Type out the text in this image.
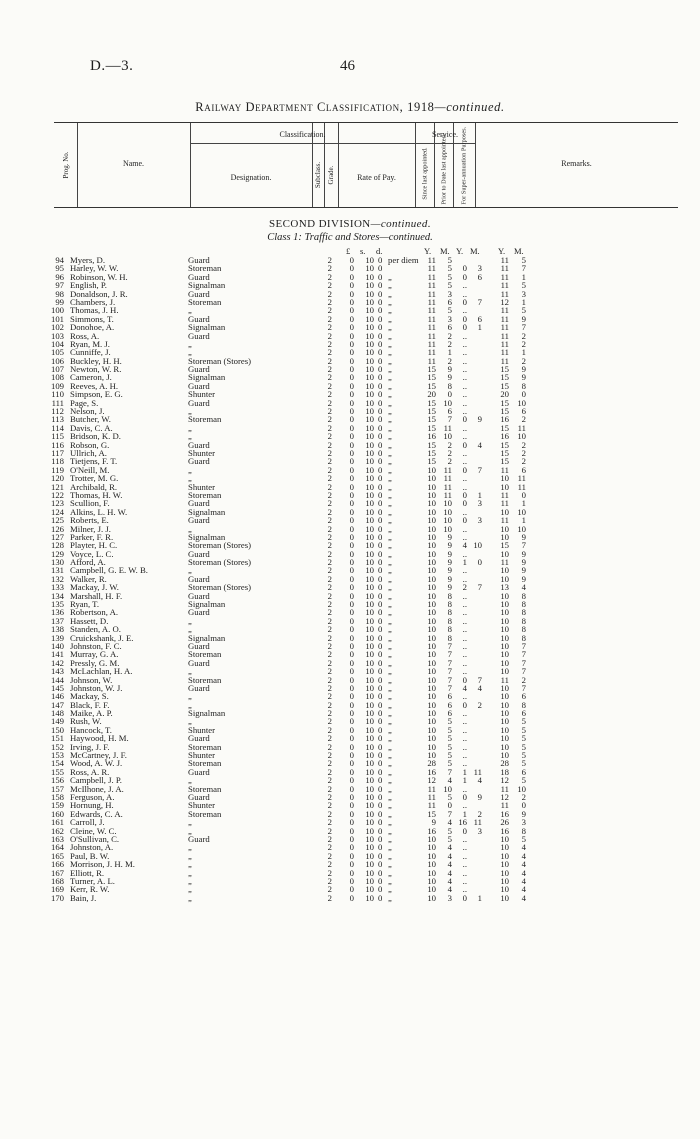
D.—3.	46
Railway Department Classification, 1918—continued.
Prog. No.	Name.
Classification.
Designation.	Subclass. Grade.	Rate of Pay.
Service.
Since last appointed. Prior to Date last appointed. For Super-annuation Purposes.	Remarks.
SECOND DIVISION—continued.
Class 1: Traffic and Stores—continued.
£ s. d.	Y. M. Y. M. Y. M.
94 Myers, D.	Guard	2	0	10 0 per diem	11	5	11	5
95 Harley, W. W.	Storeman	2	0	10 0	11	5	0	3	11	7
96 Robinson, W. H.	Guard	2	0	10 0 „	11	5	0	6	11	1
97 English, P.	Signalman	2	0	10 0 „	11	5	..	11	5
98 Donaldson, J. R.	Guard	2	0	10 0 „	11	3	..	11	3
99 Chambers, J.	Storeman	2	0	10 0 „	11	6	0	7	12	1
100 Thomas, J. H.	„	2	0	10 0 „	11	5	..	11	5
101 Simmons, T.	Guard	2	0	10 0 „	11	3	0	6	11	9
102 Donohoe, A.	Signalman	2	0	10 0 „	11	6	0	1	11	7
103 Ross, A.	Guard	2	0	10 0 „	11	2	..	11	2
104 Ryan, M. J.	„	2	0	10 0 „	11	2	..	11	2
105 Cunniffe, J.	„	2	0	10 0 „	11	1	..	11	1
106 Buckley, H. H.	Storeman (Stores)	2	0	10 0 „	11	2	..	11	2
107 Newton, W. R.	Guard	2	0	10 0 „	15	9	..	15	9
108 Cameron, J.	Signalman	2	0	10 0 „	15	9	..	15	9
109 Reeves, A. H.	Guard	2	0	10 0 „	15	8	..	15	8
110 Simpson, E. G.	Shunter	2	0	10 0 „	20	0	..	20	0
111 Page, S.	Guard	2	0	10 0 „	15 10	..	15 10
112 Nelson, J.	„	2	0	10 0 „	15	6	..	15	6
113 Butcher, W.	Storeman	2	0	10 0 „	15	7	0	9	16	2
114 Davis, C. A.	„	2	0	10 0 „	15 11	..	15 11
115 Bridson, K. D.	„	2	0	10 0 „	16 10	..	16 10
116 Robson, G.	Guard	2	0	10 0 „	15	2	0	4	15	2
117 Ullrich, A.	Shunter	2	0	10 0 „	15	2	..	15	2
118 Tietjens, F. T.	Guard	2	0	10 0 „	15	2	..	15	2
119 O'Neill, M.	„	2	0	10 0 „	10 11	0	7	11	6
120 Trotter, M. G.	„	2	0	10 0 „	10 11	..	10 11
121 Archibald, R.	Shunter	2	0	10 0 „	10 11	..	10 11
122 Thomas, H. W.	Storeman	2	0	10 0 „	10 11	0	1	11	0
123 Scullion, F.	Guard	2	0	10 0 „	10 10	0	3	11	1
124 Alkins, L. H. W.	Signalman	2	0	10 0 „	10 10	..	10 10
125 Roberts, E.	Guard	2	0	10 0 „	10 10	0	3	11	1
126 Milner, J. J.	„	2	0	10 0 „	10 10	..	10 10
127 Parker, F. R.	Signalman	2	0	10 0 „	10	9	..	10	9
128 Playter, H. C.	Storeman (Stores)	2	0	10 0 „	10	9	4 10	15	7
129 Voyce, L. C.	Guard	2	0	10 0 „	10	9	..	10	9
130 Afford, A.	Storeman (Stores)	2	0	10 0 „	10	9	1	0	11	9
131 Campbell, G. E. W. B.	„	2	0	10 0 „	10	9	..	10	9
132 Walker, R.	Guard	2	0	10 0 „	10	9	..	10	9
133 Mackay, J. W.	Storeman (Stores)	2	0	10 0 „	10	9	2	7	13	4
134 Marshall, H. F.	Guard	2	0	10 0 „	10	8	..	10	8
135 Ryan, T.	Signalman	2	0	10 0 „	10	8	..	10	8
136 Robertson, A.	Guard	2	0	10 0 „	10	8	..	10	8
137 Hassett, D.	„	2	0	10 0 „	10	8	..	10	8
138 Standen, A. O.	„	2	0	10 0 „	10	8	..	10	8
139 Cruickshank, J. E.	Signalman	2	0	10 0 „	10	8	..	10	8
140 Johnston, F. C.	Guard	2	0	10 0 „	10	7	..	10	7
141 Murray, G. A.	Storeman	2	0	10 0 „	10	7	..	10	7
142 Pressly, G. M.	Guard	2	0	10 0 „	10	7	..	10	7
143 McLachlan, H. A.	„	2	0	10 0 „	10	7	..	10	7
144 Johnson, W.	Storeman	2	0	10 0 „	10	7	0	7	11	2
145 Johnston, W. J.	Guard	2	0	10 0 „	10	7	4	4	10	7
146 Mackay, S.	„	2	0	10 0 „	10	6	..	10	6
147 Black, F. F.	„	2	0	10 0 „	10	6	0	2	10	8
148 Maike, A. P.	Signalman	2	0	10 0 „	10	6	..	10	6
149 Rush, W.	„	2	0	10 0 „	10	5	..	10	5
150 Hancock, T.	Shunter	2	0	10 0 „	10	5	..	10	5
151 Haywood, H. M.	Guard	2	0	10 0 „	10	5	..	10	5
152 Irving, J. F.	Storeman	2	0	10 0 „	10	5	..	10	5
153 McCartney, J. F.	Shunter	2	0	10 0 „	10	5	..	10	5
154 Wood, A. W. J.	Storeman	2	0	10 0 „	28	5	..	28	5
155 Ross, A. R.	Guard	2	0	10 0 „	16	7	1 11	18	6
156 Campbell, J. P.	„	2	0	10 0 „	12	4	1	4	12	5
157 McIlhone, J. A.	Storeman	2	0	10 0 „	11 10	..	11 10
158 Ferguson, A.	Guard	2	0	10 0 „	11	5	0	9	12	2
159 Hornung, H.	Shunter	2	0	10 0 „	11	0	..	11	0
160 Edwards, C. A.	Storeman	2	0	10 0 „	15	7	1	2	16	9
161 Carroll, J.	„	2	0	10 0 „	9	4 16 11	26	3
162 Cleine, W. C.	„	2	0	10 0 „	16	5	0	3	16	8
163 O'Sullivan, C.	Guard	2	0	10 0 „	10	5	..	10	5
164 Johnston, A.	„	2	0	10 0 „	10	4	..	10	4
165 Paul, B. W.	„	2	0	10 0 „	10	4	..	10	4
166 Morrison, J. H. M.	„	2	0	10 0 „	10	4	..	10	4
167 Elliott, R.	„	2	0	10 0 „	10	4	..	10	4
168 Turner, A. L.	„	2	0	10 0 „	10	4	..	10	4
169 Kerr, R. W.	„	2	0	10 0 „	10	4	..	10	4
170 Bain, J.	„	2	0	10 0 „	10	3	0	1	10	4
